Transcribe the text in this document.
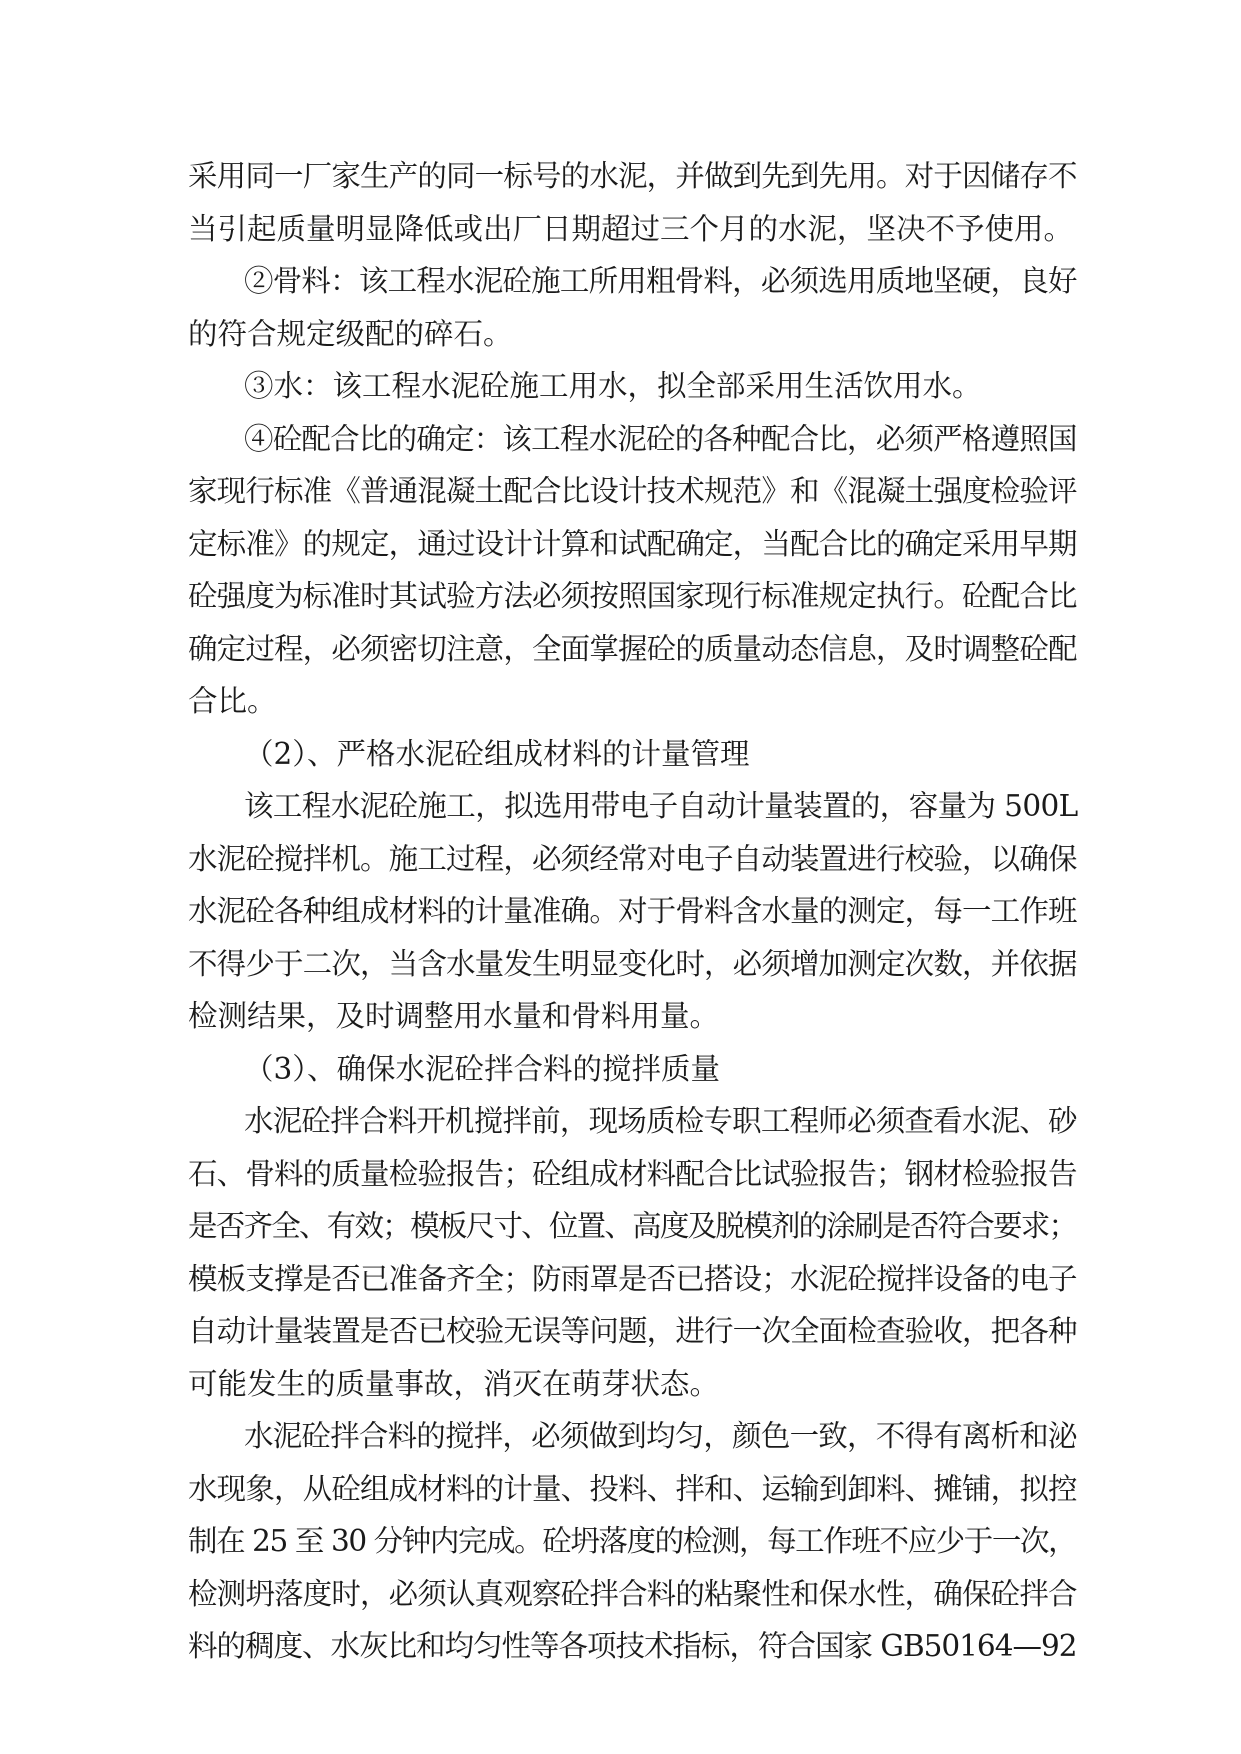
采用同一厂家生产的同一标号的水泥，并做到先到先用。对于因储存不
当引起质量明显降低或出厂日期超过三个月的水泥，坚决不予使用。
②骨料：该工程水泥砼施工所用粗骨料，必须选用质地坚硬，良好
的符合规定级配的碎石。
③水：该工程水泥砼施工用水，拟全部采用生活饮用水。
④砼配合比的确定：该工程水泥砼的各种配合比，必须严格遵照国
家现行标准《普通混凝土配合比设计技术规范》和《混凝土强度检验评
定标准》的规定，通过设计计算和试配确定，当配合比的确定采用早期
砼强度为标准时其试验方法必须按照国家现行标准规定执行。砼配合比
确定过程，必须密切注意，全面掌握砼的质量动态信息，及时调整砼配
合比。
（2）、严格水泥砼组成材料的计量管理
该工程水泥砼施工，拟选用带电子自动计量装置的，容量为 500L
水泥砼搅拌机。施工过程，必须经常对电子自动装置进行校验，以确保
水泥砼各种组成材料的计量准确。对于骨料含水量的测定，每一工作班
不得少于二次，当含水量发生明显变化时，必须增加测定次数，并依据
检测结果，及时调整用水量和骨料用量。
（3）、确保水泥砼拌合料的搅拌质量
水泥砼拌合料开机搅拌前，现场质检专职工程师必须查看水泥、砂
石、骨料的质量检验报告；砼组成材料配合比试验报告；钢材检验报告
是否齐全、有效；模板尺寸、位置、高度及脱模剂的涂刷是否符合要求；
模板支撑是否已准备齐全；防雨罩是否已搭设；水泥砼搅拌设备的电子
自动计量装置是否已校验无误等问题，进行一次全面检查验收，把各种
可能发生的质量事故，消灭在萌芽状态。
水泥砼拌合料的搅拌，必须做到均匀，颜色一致，不得有离析和泌
水现象，从砼组成材料的计量、投料、拌和、运输到卸料、摊铺，拟控
制在 25 至 30 分钟内完成。砼坍落度的检测，每工作班不应少于一次，
检测坍落度时，必须认真观察砼拌合料的粘聚性和保水性，确保砼拌合
料的稠度、水灰比和均匀性等各项技术指标，符合国家 GB50164—92
